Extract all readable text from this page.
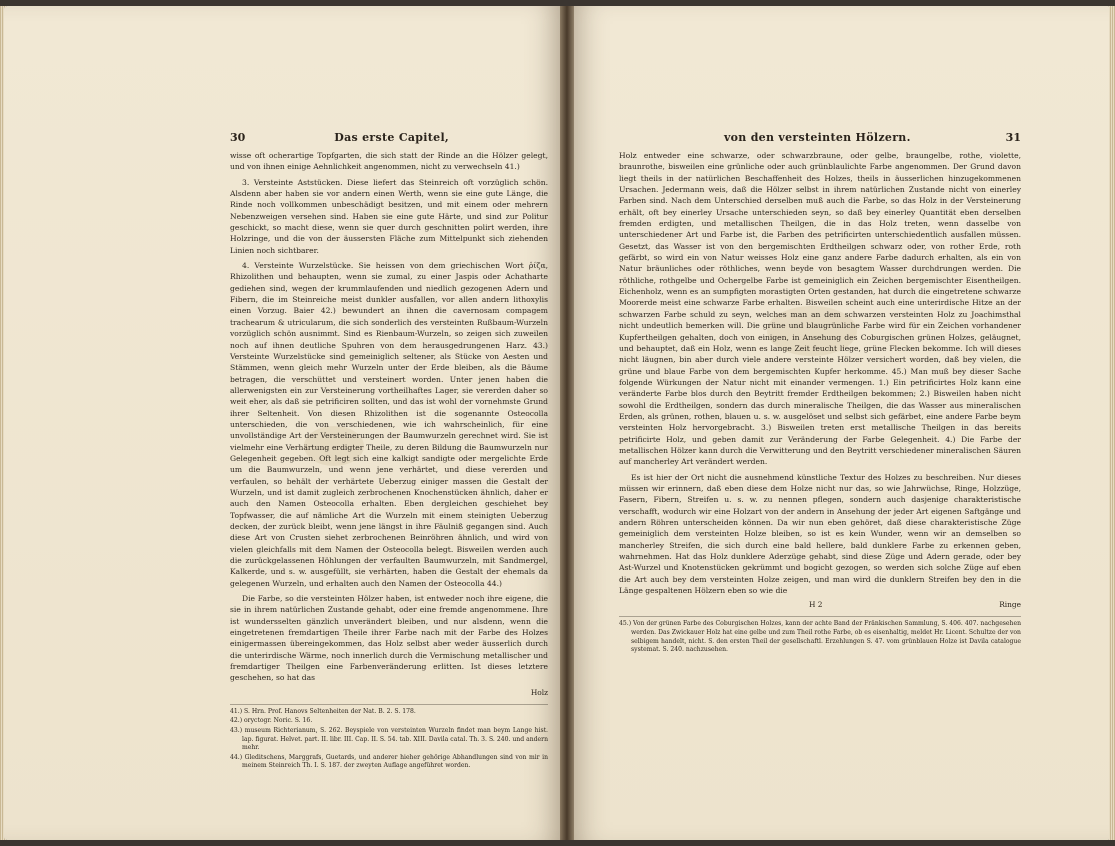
30	Das erste Capitel,

wisse oft ocherartige Topfgarten, die sich statt der Rinde an die Hölzer gelegt, und von ihnen einige Aehnlichkeit angenommen, nicht zu verwechseln 41.)

3. Versteinte Aststücken. Diese liefert das Steinreich oft vorzüglich schön. Alsdenn aber haben sie vor andern einen Werth, wenn sie eine gute Länge, die Rinde noch vollkommen unbeschädigt besitzen, und mit einem oder mehrern Nebenzweigen versehen sind. Haben sie eine gute Härte, und sind zur Politur geschickt, so macht diese, wenn sie quer durch geschnitten polirt werden, ihre Holzringe, und die von der äussersten Fläche zum Mittelpunkt sich ziehenden Linien noch sichtbarer.

4. Versteinte Wurzelstücke. Sie heissen von dem griechischen Wort ῥίζα, Rhizolithen und behaupten, wenn sie zumal, zu einer Jaspis oder Achatharte gediehen sind, wegen der krummlaufenden und niedlich gezogenen Adern und Fibern, die im Steinreiche meist dunkler ausfallen, vor allen andern lithoxylis einen Vorzug. Baier 42.) bewundert an ihnen die cavernosam compagem trachearum & utricularum, die sich sonderlich des versteinten Rußbaum-Wurzeln vorzüglich schön ausnimmt. Sind es Rienbaum-Wurzeln, so zeigen sich zuweilen noch auf ihnen deutliche Spuhren von dem herausgedrungenen Harz. 43.) Versteinte Wurzelstücke sind gemeiniglich seltener, als Stücke von Aesten und Stämmen, wenn gleich mehr Wurzeln unter der Erde bleiben, als die Bäume betragen, die verschüttet und versteinert worden. Unter jenen haben die allerwenigsten ein zur Versteinerung vortheilhaftes Lager, sie vererden daher so weit eher, als daß sie petrificiren sollten, und das ist wohl der vornehmste Grund ihrer Seltenheit. Von diesen Rhizolithen ist die sogenannte Osteocolla unterschieden, die von verschiedenen, wie ich wahrscheinlich, für eine unvollständige Art der Versteinerungen der Baumwurzeln gerechnet wird. Sie ist vielmehr eine Verhärtung erdigter Theile, zu deren Bildung die Baumwurzeln nur Gelegenheit gegeben. Oft legt sich eine kalkigt sandigte oder mergelichte Erde um die Baumwurzeln, und wenn jene verhärtet, und diese vererden und verfaulen, so behält der verhärtete Ueberzug einiger massen die Gestalt der Wurzeln, und ist damit zugleich zerbrochenen Knochenstücken ähnlich, daher er auch den Namen Osteocolla erhalten. Eben dergleichen geschiehet bey Topfwasser, die auf nämliche Art die Wurzeln mit einem steinigten Ueberzug decken, der zurück bleibt, wenn jene längst in ihre Fäulniß gegangen sind. Auch diese Art von Crusten siehet zerbrochenen Beinröhren ähnlich, und wird von vielen gleichfalls mit dem Namen der Osteocolla belegt. Bisweilen werden auch die zurückgelassenen Höhlungen der verfaulten Baumwurzeln, mit Sandmergel, Kalkerde, und s. w. ausgefüllt, sie verhärten, haben die Gestalt der ehemals da gelegenen Wurzeln, und erhalten auch den Namen der Osteocolla 44.)

Die Farbe, so die versteinten Hölzer haben, ist entweder noch ihre eigene, die sie in ihrem natürlichen Zustande gehabt, oder eine fremde angenommene. Ihre ist wundersselten gänzlich unverändert bleiben, und nur alsdenn, wenn die eingetretenen fremdartigen Theile ihrer Farbe nach mit der Farbe des Holzes einigermassen übereingekommen, das Holz selbst aber weder äusserlich durch die unterirdische Wärme, noch innerlich durch die Vermischung metallischer und fremdartiger Theilgen eine Farbenveränderung erlitten. Ist dieses letztere geschehen, so hat das

Holz

41.) S. Hrn. Prof. Hanovs Seltenheiten der Nat. B. 2. S. 178.

42.) oryctogr. Noric. S. 16.

43.) museum Richterianum, S. 262. Beyspiele von versteinten Wurzeln findet man beym Lange hist. lap. figurat. Helvet. part. II. libr. III. Cap. II. S. 54. tab. XIII. Davila catal. Th. 3. S. 240. und andern mehr.

44.) Gleditschens, Marggrafs, Guetards, und anderer hieher gehörige Abhandlungen sind von mir in meinem Steinreich Th. I. S. 187. der zweyten Auflage angeführet worden.

von den versteinten Hölzern.	31

Holz entweder eine schwarze, oder schwarzbraune, oder gelbe, braungelbe, rothe, violette, braunrothe, bisweilen eine grünliche oder auch grünblaulichte Farbe angenommen. Der Grund davon liegt theils in der natürlichen Beschaffenheit des Holzes, theils in äusserlichen hinzugekommenen Ursachen. Jedermann weis, daß die Hölzer selbst in ihrem natürlichen Zustande nicht von einerley Farben sind. Nach dem Unterschied derselben muß auch die Farbe, so das Holz in der Versteinerung erhält, oft bey einerley Ursache unterschieden seyn, so daß bey einerley Quantität eben derselben fremden erdigten, und metallischen Theilgen, die in das Holz treten, wenn dasselbe von unterschiedener Art und Farbe ist, die Farben des petrificirten unterschiedentlich ausfallen müssen. Gesetzt, das Wasser ist von den bergemischten Erdtheilgen schwarz oder, von rother Erde, roth gefärbt, so wird ein von Natur weisses Holz eine ganz andere Farbe dadurch erhalten, als ein von Natur bräunliches oder röthliches, wenn beyde von besagtem Wasser durchdrungen werden. Die röthliche, rothgelbe und Ochergelbe Farbe ist gemeiniglich ein Zeichen bergemischter Eisentheilgen. Eichenholz, wenn es an sumpfigten morastigten Orten gestanden, hat durch die eingetretene schwarze Moorerde meist eine schwarze Farbe erhalten. Bisweilen scheint auch eine unterirdische Hitze an der schwarzen Farbe schuld zu seyn, welches man an dem schwarzen versteinten Holz zu Joachimsthal nicht undeutlich bemerken will. Die grüne und blaugrünliche Farbe wird für ein Zeichen vorhandener Kupfertheilgen gehalten, doch von einigen, in Ansehung des Coburgischen grünen Holzes, geläugnet, und behauptet, daß ein Holz, wenn es lange Zeit feucht liege, grüne Flecken bekomme. Ich will dieses nicht läugnen, bin aber durch viele andere versteinte Hölzer versichert worden, daß bey vielen, die grüne und blaue Farbe von dem bergemischten Kupfer herkomme. 45.) Man muß bey dieser Sache folgende Würkungen der Natur nicht mit einander vermengen. 1.) Ein petrificirtes Holz kann eine veränderte Farbe blos durch den Beytritt fremder Erdtheilgen bekommen; 2.) Bisweilen haben nicht sowohl die Erdtheilgen, sondern das durch mineralische Theilgen, die das Wasser aus mineralischen Erden, als grünen, rothen, blauen u. s. w. ausgelöset und selbst sich gefärbet, eine andere Farbe beym versteinten Holz hervorgebracht. 3.) Bisweilen treten erst metallische Theilgen in das bereits petrificirte Holz, und geben damit zur Veränderung der Farbe Gelegenheit. 4.) Die Farbe der metallischen Hölzer kann durch die Verwitterung und den Beytritt verschiedener mineralischen Säuren auf mancherley Art verändert werden.

Es ist hier der Ort nicht die ausnehmend künstliche Textur des Holzes zu beschreiben. Nur dieses müssen wir erinnern, daß eben diese dem Holze nicht nur das, so wie Jahrwüchse, Ringe, Holzzüge, Fasern, Fibern, Streifen u. s. w. zu nennen pflegen, sondern auch dasjenige charakteristische verschafft, wodurch wir eine Holzart von der andern in Ansehung der jeder Art eigenen Saftgänge und andern Röhren unterscheiden können. Da wir nun eben gehöret, daß diese charakteristische Züge gemeiniglich dem versteinten Holze bleiben, so ist es kein Wunder, wenn wir an demselben so mancherley Streifen, die sich durch eine bald hellere, bald dunklere Farbe zu erkennen geben, wahrnehmen. Hat das Holz dunklere Aderzüge gehabt, sind diese Züge und Adern gerade, oder bey Ast-Wurzel und Knotenstücken gekrümmt und bogicht gezogen, so werden sich solche Züge auf eben die Art auch bey dem versteinten Holze zeigen, und man wird die dunklern Streifen bey den in die Länge gespaltenen Hölzern eben so wie die

H 2	Ringe

45.) Von der grünen Farbe des Coburgischen Holzes, kann der achte Band der Fränkischen Sammlung, S. 406. 407. nachgesehen werden. Das Zwickauer Holz hat eine gelbe und zum Theil rothe Farbe, ob es eisenhaltig, meldet Hr. Licent. Schultze der von selbigem handelt, nicht. S. den ersten Theil der gesellschaftl. Erzehlungen S. 47. vom grünblauen Holze ist Davila catalogue systemat. S. 240. nachzusehen.
